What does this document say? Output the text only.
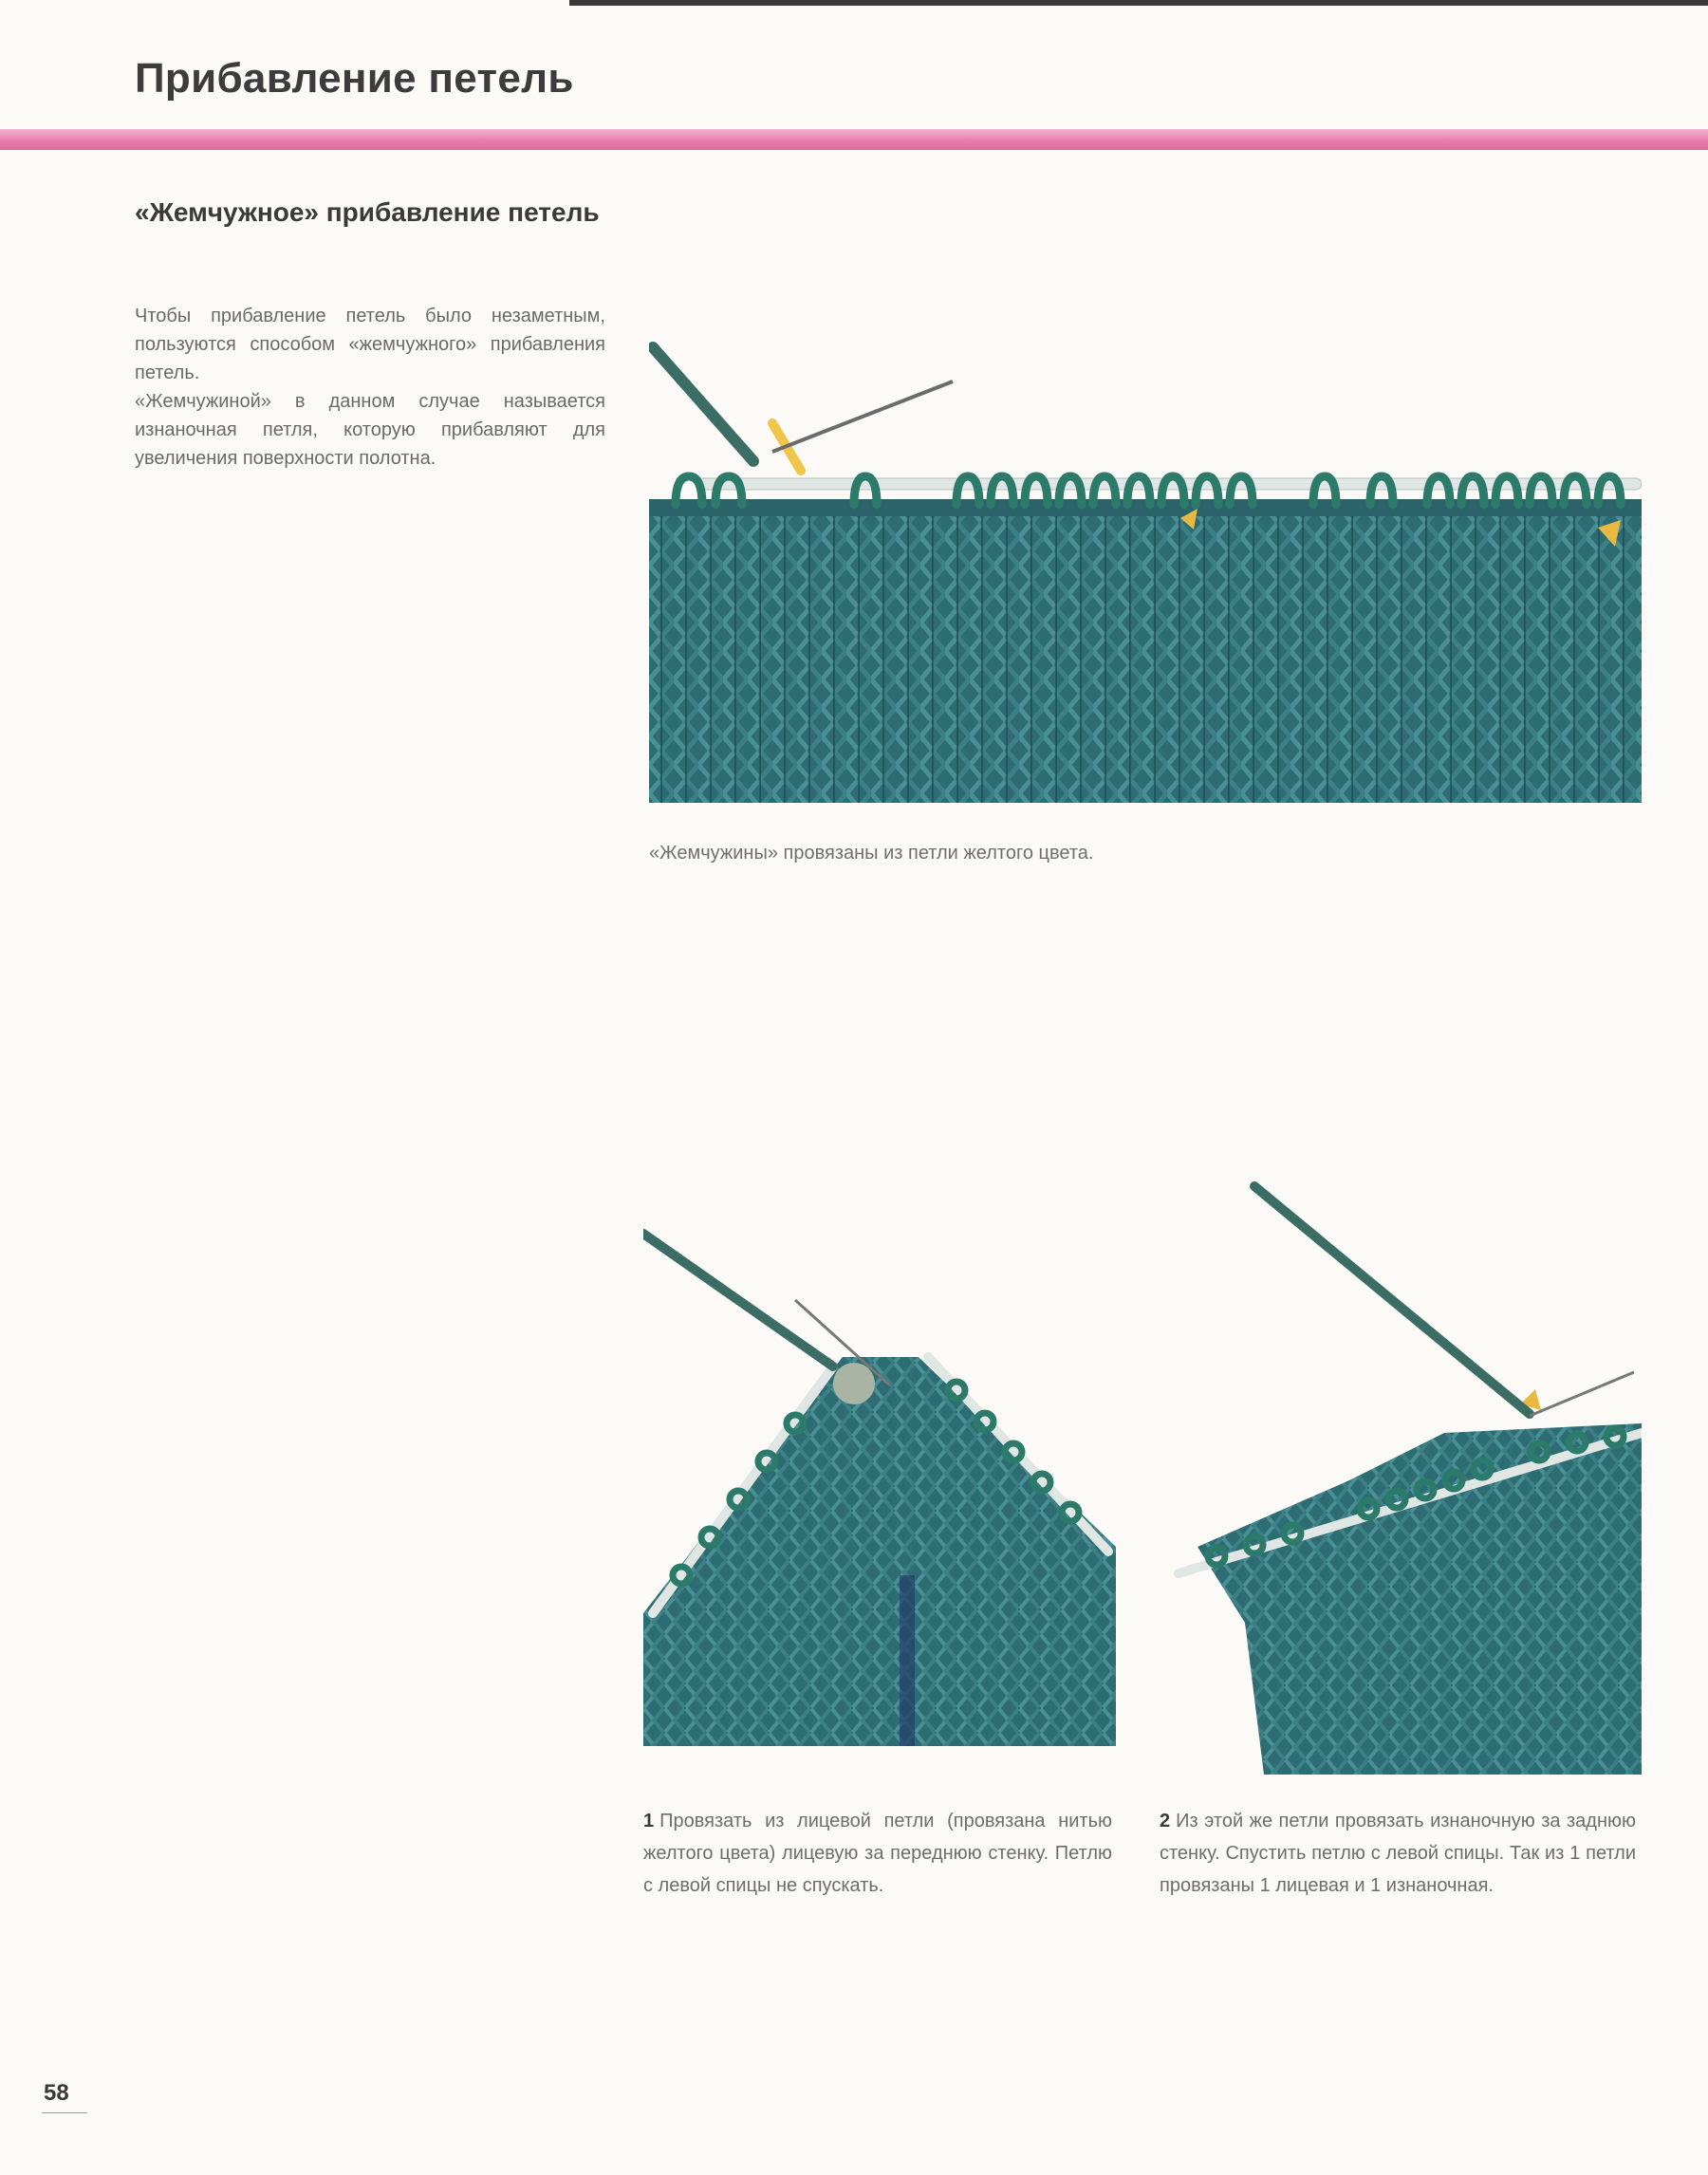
Прибавление петель
«Жемчужное» прибавление петель

Чтобы прибавление петель было незаметным, пользуются способом «жемчужного» прибавления петель.

«Жемчужиной» в данном случае называется изнаночная петля, которую прибавляют для увеличения поверхности полотна.

«Жемчужины» провязаны из петли желтого цвета.
1 Провязать из лицевой петли (провязана нитью желтого цвета) лицевую за переднюю стенку. Петлю с левой спицы не спускать.
2 Из этой же петли провязать изнаночную за заднюю стенку. Спустить петлю с левой спицы. Так из 1 петли провязаны 1 лицевая и 1 изнаночная.
58
